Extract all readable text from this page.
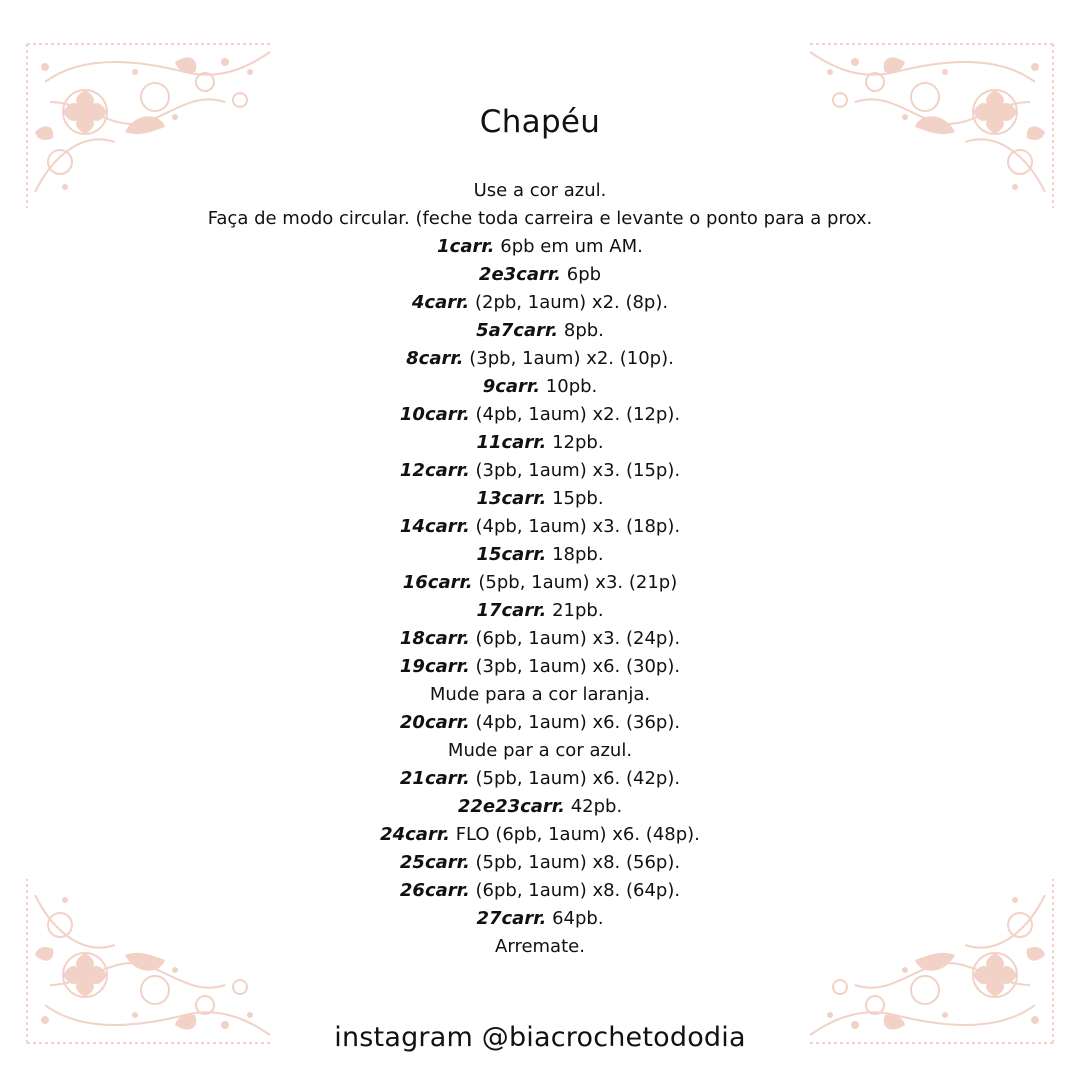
Chapéu
Use a cor azul.
Faça de modo circular. (feche toda carreira e levante o ponto para a prox.
1carr. 6pb em um AM.
2e3carr. 6pb
4carr. (2pb, 1aum) x2. (8p).
5a7carr. 8pb.
8carr. (3pb, 1aum) x2. (10p).
9carr. 10pb.
10carr. (4pb, 1aum) x2. (12p).
11carr. 12pb.
12carr. (3pb, 1aum) x3. (15p).
13carr. 15pb.
14carr. (4pb, 1aum) x3. (18p).
15carr. 18pb.
16carr. (5pb, 1aum) x3. (21p)
17carr. 21pb.
18carr. (6pb, 1aum) x3. (24p).
19carr. (3pb, 1aum) x6. (30p).
Mude para a cor laranja.
20carr. (4pb, 1aum) x6. (36p).
Mude par a cor azul.
21carr. (5pb, 1aum) x6. (42p).
22e23carr. 42pb.
24carr. FLO (6pb, 1aum) x6. (48p).
25carr. (5pb, 1aum) x8. (56p).
26carr. (6pb, 1aum) x8. (64p).
27carr. 64pb.
Arremate.
instagram @biacrochetododia
